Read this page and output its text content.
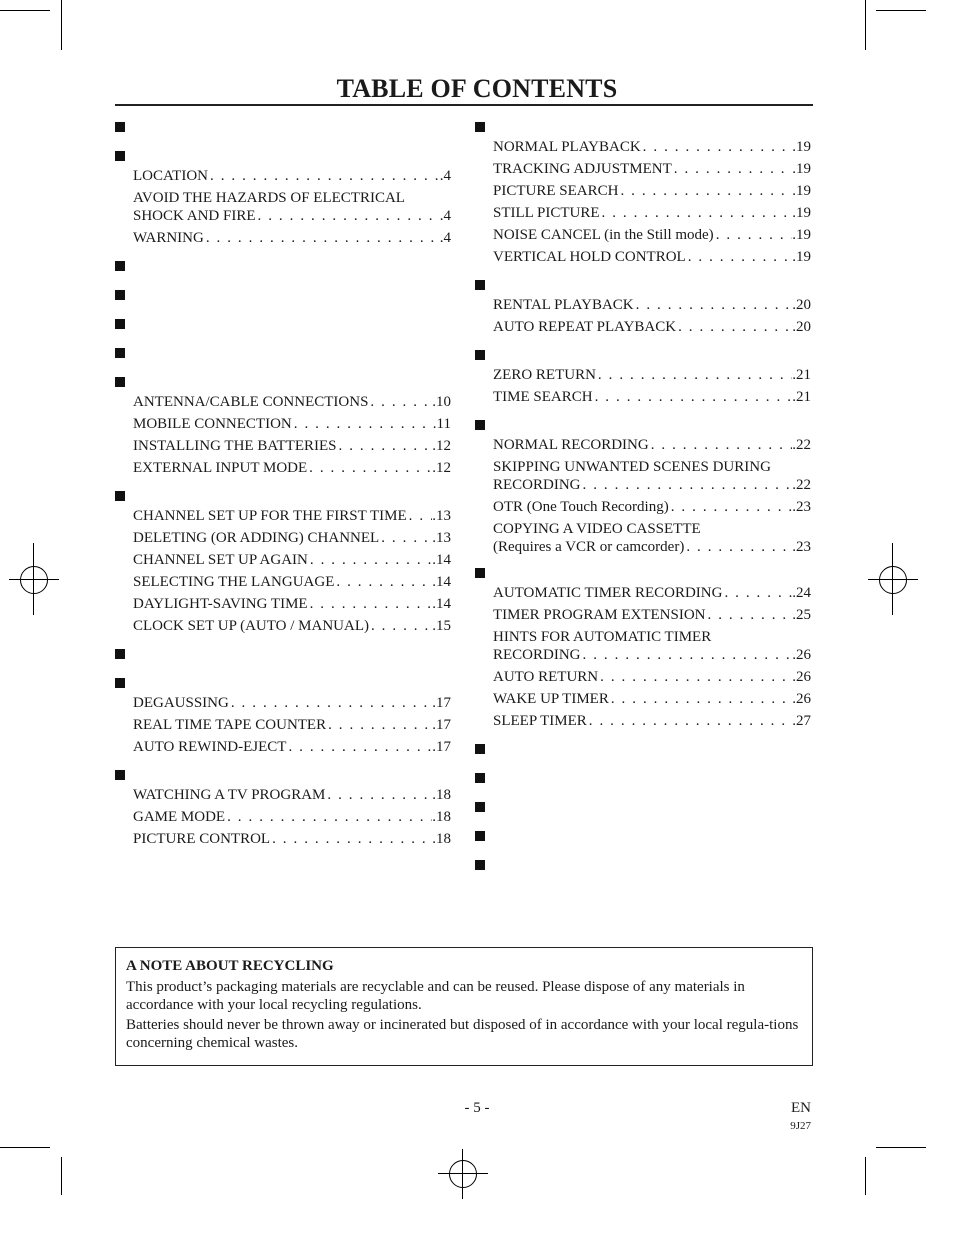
TABLE OF CONTENTS
LOCATION . . .	.4
AVOID THE HAZARDS OF ELECTRICAL
SHOCK AND FIRE . . .	.4
WARNING . . .	.4
ANTENNA/CABLE CONNECTIONS . . .	.10
MOBILE CONNECTION . . .	.11
INSTALLING THE BATTERIES . . .	.12
EXTERNAL INPUT MODE . . .	.12
CHANNEL SET UP FOR THE FIRST TIME . . . .13
DELETING (OR ADDING) CHANNEL . . .	.13
CHANNEL SET UP AGAIN . . .	.14
SELECTING THE LANGUAGE . . .	.14
DAYLIGHT-SAVING TIME . . .	.14
CLOCK SET UP (AUTO / MANUAL) . . .	.15
DEGAUSSING . . .	.17
REAL TIME TAPE COUNTER . . .	.17
AUTO REWIND-EJECT . . .	.17
WATCHING A TV PROGRAM . . .	.18
GAME MODE . . .	.18
PICTURE CONTROL . . .	.18
NORMAL PLAYBACK . . .	.19
TRACKING ADJUSTMENT . . .	.19
PICTURE SEARCH . . .	.19
STILL PICTURE . . .	.19
NOISE CANCEL (in the Still mode) . . .	.19
VERTICAL HOLD CONTROL . . .	.19
RENTAL PLAYBACK . . .	.20
AUTO REPEAT PLAYBACK . . .	.20
ZERO RETURN . . .	.21
TIME SEARCH . . .	.21
NORMAL RECORDING . . .	.22
SKIPPING UNWANTED SCENES DURING
RECORDING . . .	.22
OTR (One Touch Recording) . . .	.23
COPYING A VIDEO CASSETTE
(Requires a VCR or camcorder) . . .	.23
AUTOMATIC TIMER RECORDING . . .	.24
TIMER PROGRAM EXTENSION . . .	.25
HINTS FOR AUTOMATIC TIMER
RECORDING . . .	.26
AUTO RETURN . . .	.26
WAKE UP TIMER . . .	.26
SLEEP TIMER . . .	.27
A NOTE ABOUT RECYCLING

This product’s packaging materials are recyclable and can be reused. Please dispose of any materials in accordance with your local recycling regulations.

Batteries should never be thrown away or incinerated but disposed of in accordance with your local regula-tions concerning chemical wastes.

- 5 -	EN
9J27
